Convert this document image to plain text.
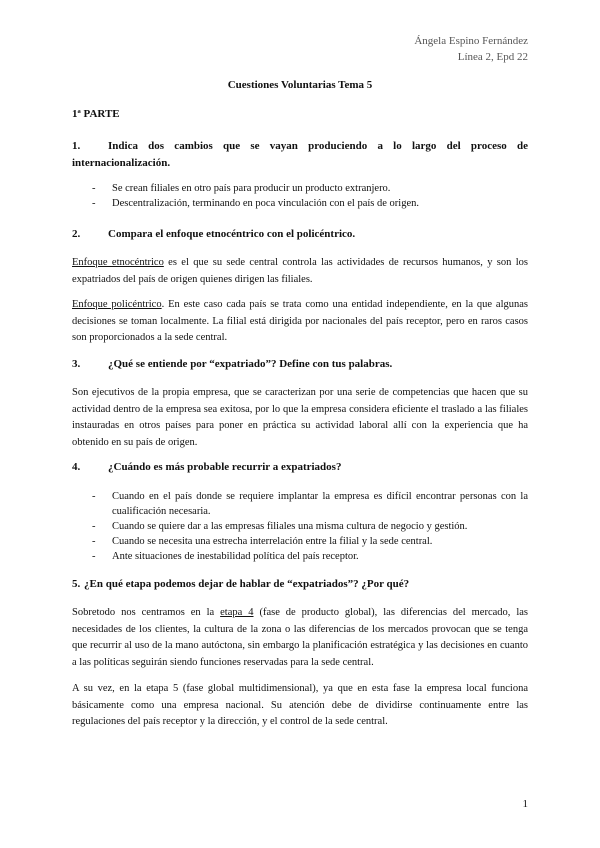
Ángela Espino Fernández
Línea 2, Epd 22
Cuestiones Voluntarias Tema 5
1ª PARTE
1.	Indica dos cambios que se vayan produciendo a lo largo del proceso de internacionalización.
- Se crean filiales en otro país para producir un producto extranjero.
- Descentralización, terminando en poca vinculación con el país de origen.
2.	Compara el enfoque etnocéntrico con el policéntrico.
Enfoque etnocéntrico es el que su sede central controla las actividades de recursos humanos, y son los expatriados del país de origen quienes dirigen las filiales.
Enfoque policéntrico. En este caso cada país se trata como una entidad independiente, en la que algunas decisiones se toman localmente. La filial está dirigida por nacionales del país receptor, pero en raros casos son proporcionados a la sede central.
3.	¿Qué se entiende por “expatriado”? Define con tus palabras.
Son ejecutivos de la propia empresa, que se caracterizan por una serie de competencias que hacen que su actividad dentro de la empresa sea exitosa, por lo que la empresa considera eficiente el traslado a las filiales instauradas en otros países para poner en práctica su actividad laboral allí con la experiencia que ha obtenido en su país de origen.
4.	¿Cuándo es más probable recurrir a expatriados?
- Cuando en el país donde se requiere implantar la empresa es difícil encontrar personas con la cualificación necesaria.
- Cuando se quiere dar a las empresas filiales una misma cultura de negocio y gestión.
- Cuando se necesita una estrecha interrelación entre la filial y la sede central.
- Ante situaciones de inestabilidad política del país receptor.
5. ¿En qué etapa podemos dejar de hablar de “expatriados”? ¿Por qué?
Sobretodo nos centramos en la etapa 4 (fase de producto global), las diferencias del mercado, las necesidades de los clientes, la cultura de la zona o las diferencias de los mercados provocan que se tenga que recurrir al uso de la mano autóctona, sin embargo la planificación estratégica y las decisiones en cuanto a las políticas seguirán siendo funciones reservadas para la sede central.
A su vez, en la etapa 5 (fase global multidimensional), ya que en esta fase la empresa local funciona básicamente como una empresa nacional. Su atención debe de dividirse continuamente entre las regulaciones del país receptor y la dirección, y el control de la sede central.
1
